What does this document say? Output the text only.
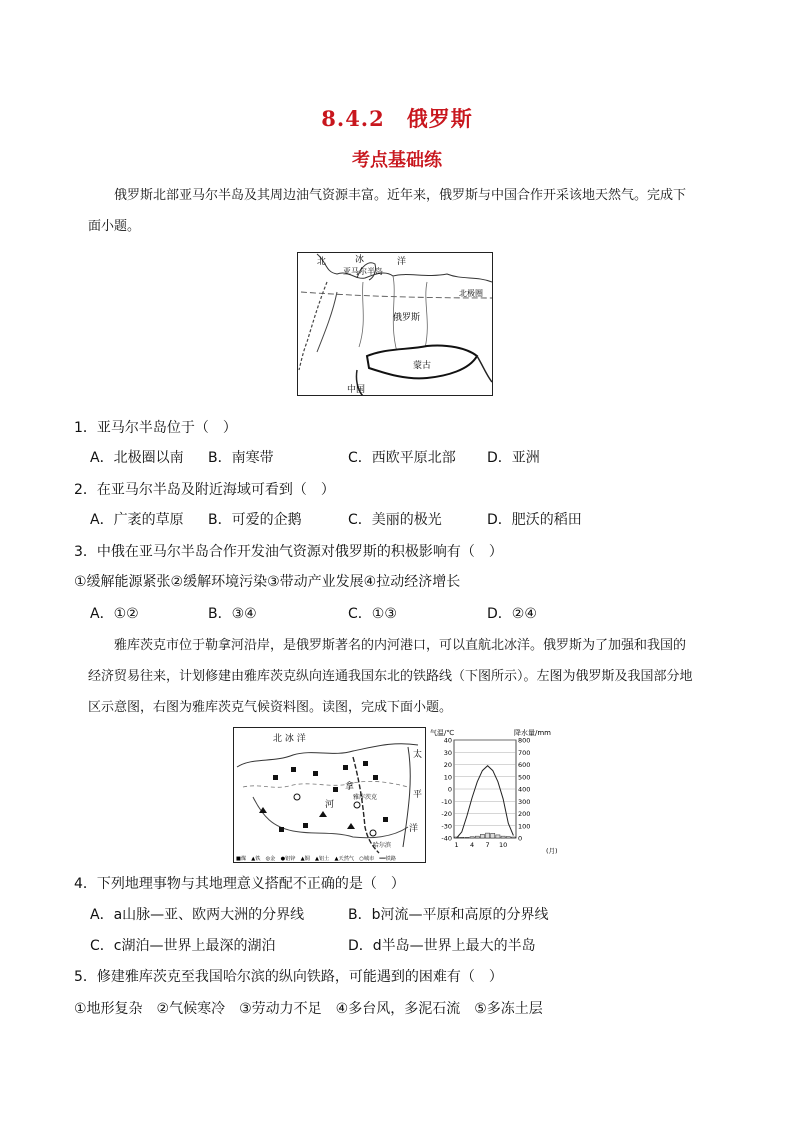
8.4.2　俄罗斯
考点基础练
俄罗斯北部亚马尔半岛及其周边油气资源丰富。近年来，俄罗斯与中国合作开采该地天然气。完成下
面小题。
北	冰	洋
亚马尔半岛
北极圈
俄罗斯
蒙古
中国
1．亚马尔半岛位于（　）
A．北极圈以南 B．南寒带	C．西欧平原北部 D．亚洲
2．在亚马尔半岛及附近海域可看到（　）
A．广袤的草原 B．可爱的企鹅	C．美丽的极光	D．肥沃的稻田
3．中俄在亚马尔半岛合作开发油气资源对俄罗斯的积极影响有（　）
①缓解能源紧张②缓解环境污染③带动产业发展④拉动经济增长
A．①②	B．③④	C．①③	D．②④
雅库茨克市位于勒拿河沿岸，是俄罗斯著名的内河港口，可以直航北冰洋。俄罗斯为了加强和我国的
经济贸易往来，计划修建由雅库茨克纵向连通我国东北的铁路线（下图所示）。左图为俄罗斯及我国部分地
区示意图，右图为雅库茨克气候资料图。读图，完成下面小题。
北 冰 洋
太
平
洋
拿
河
雅库茨克
哈尔滨
■煤　▲铁　◎金　●铝锌　▲铜　▲铝土　▲天然气　○城市　━━铁路
气温/℃	降水量/mm
(月)
40
30
20
10
0
-10
-20
-30
-40
800
700
600
500
400
300
200
100
0
1 4 7 10
4．下列地理事物与其地理意义搭配不正确的是（　）
A．a山脉—亚、欧两大洲的分界线	B．b河流—平原和高原的分界线
C．c湖泊—世界上最深的湖泊	D．d半岛—世界上最大的半岛
5．修建雅库茨克至我国哈尔滨的纵向铁路，可能遇到的困难有（　）
①地形复杂　②气候寒冷　③劳动力不足　④多台风，多泥石流　⑤多冻土层
